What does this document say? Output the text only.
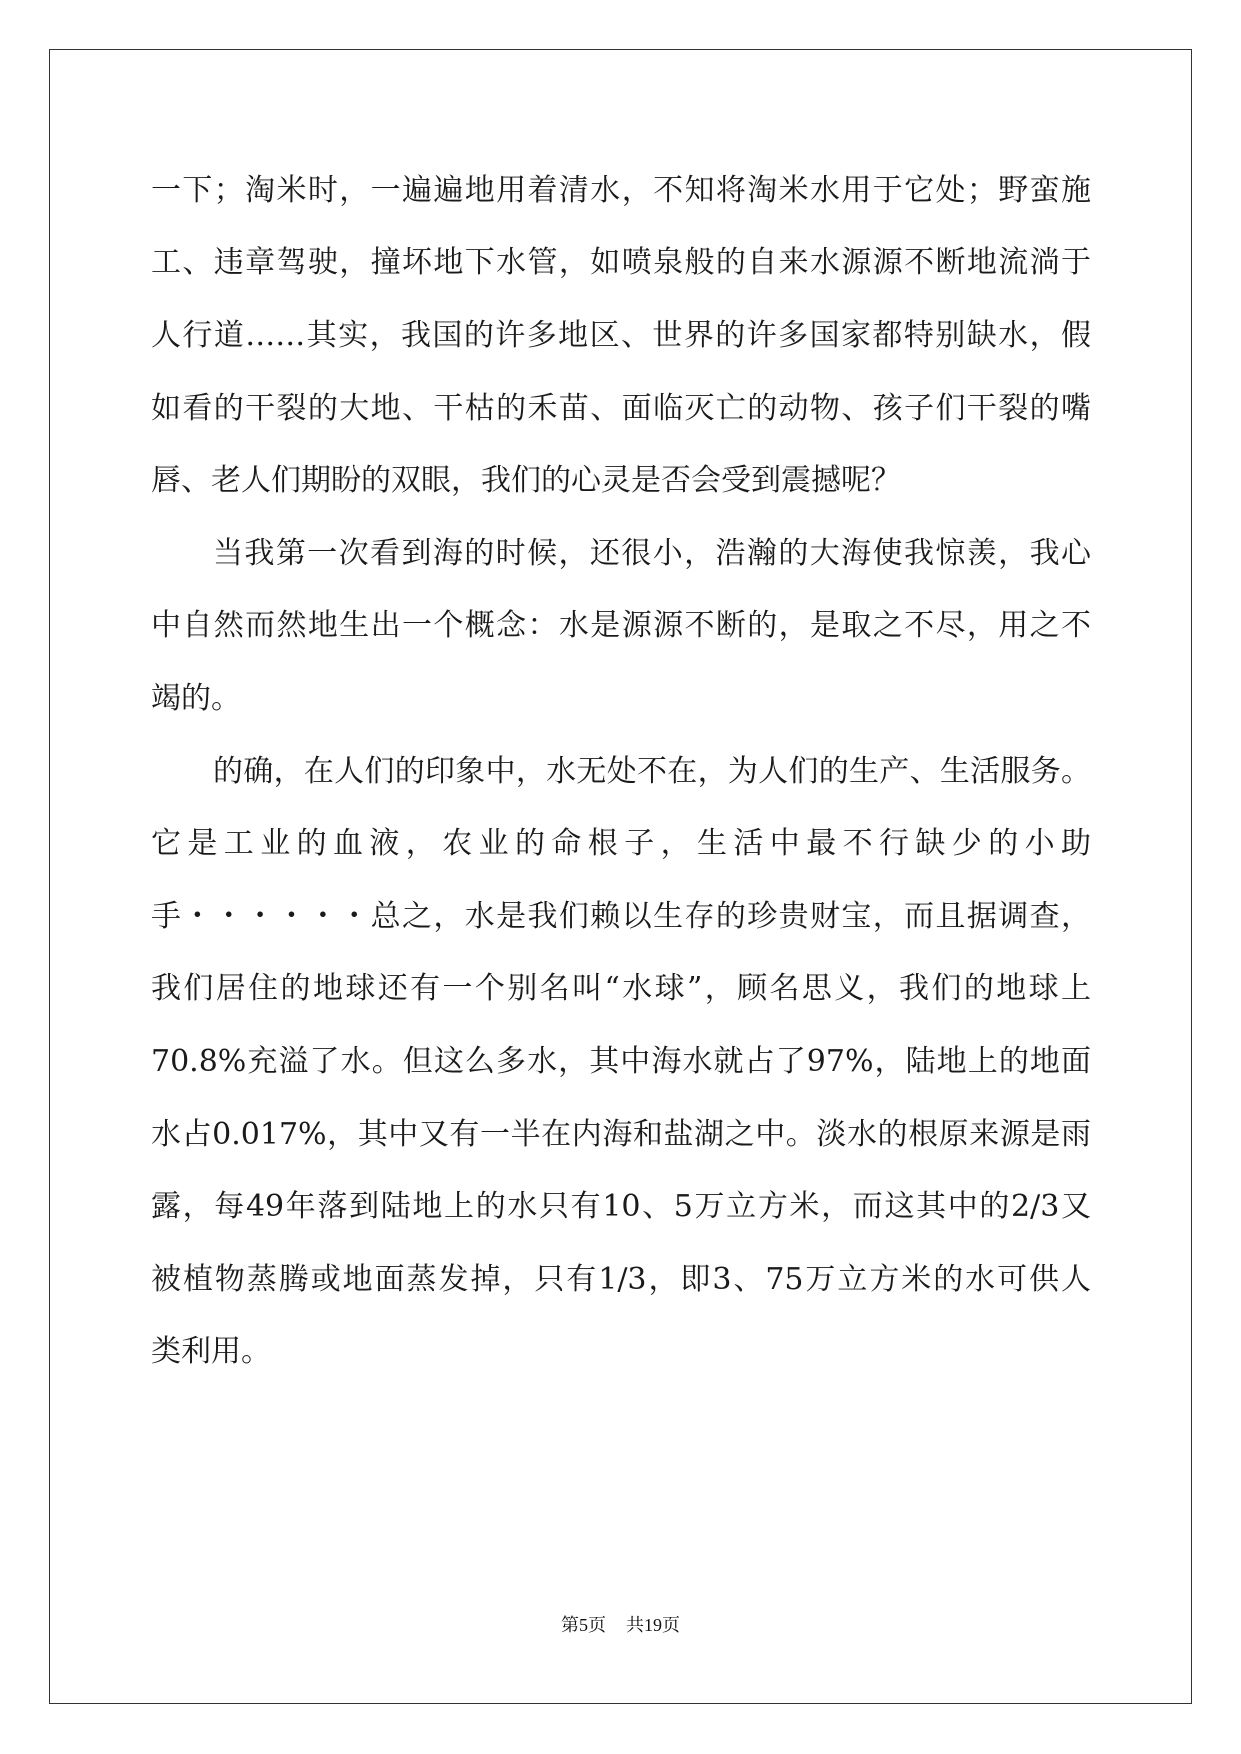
一下；淘米时，一遍遍地用着清水，不知将淘米水用于它处；野蛮施
工、违章驾驶，撞坏地下水管，如喷泉般的自来水源源不断地流淌于
人行道……其实，我国的许多地区、世界的许多国家都特别缺水，假
如看的干裂的大地、干枯的禾苗、面临灭亡的动物、孩子们干裂的嘴
唇、老人们期盼的双眼，我们的心灵是否会受到震撼呢？
当我第一次看到海的时候，还很小，浩瀚的大海使我惊羡，我心
中自然而然地生出一个概念：水是源源不断的，是取之不尽，用之不
竭的。
的确，在人们的印象中，水无处不在，为人们的生产、生活服务。
它是工业的血液，农业的命根子，生活中最不行缺少的小助
手・・・・・・总之，水是我们赖以生存的珍贵财宝，而且据调查，
我们居住的地球还有一个别名叫“水球”，顾名思义，我们的地球上
70.8%充溢了水。但这么多水，其中海水就占了97%，陆地上的地面
水占0.017%，其中又有一半在内海和盐湖之中。淡水的根原来源是雨
露，每49年落到陆地上的水只有10、5万立方米，而这其中的2/3又
被植物蒸腾或地面蒸发掉，只有1/3，即3、75万立方米的水可供人
类利用。
第5页 共19页
